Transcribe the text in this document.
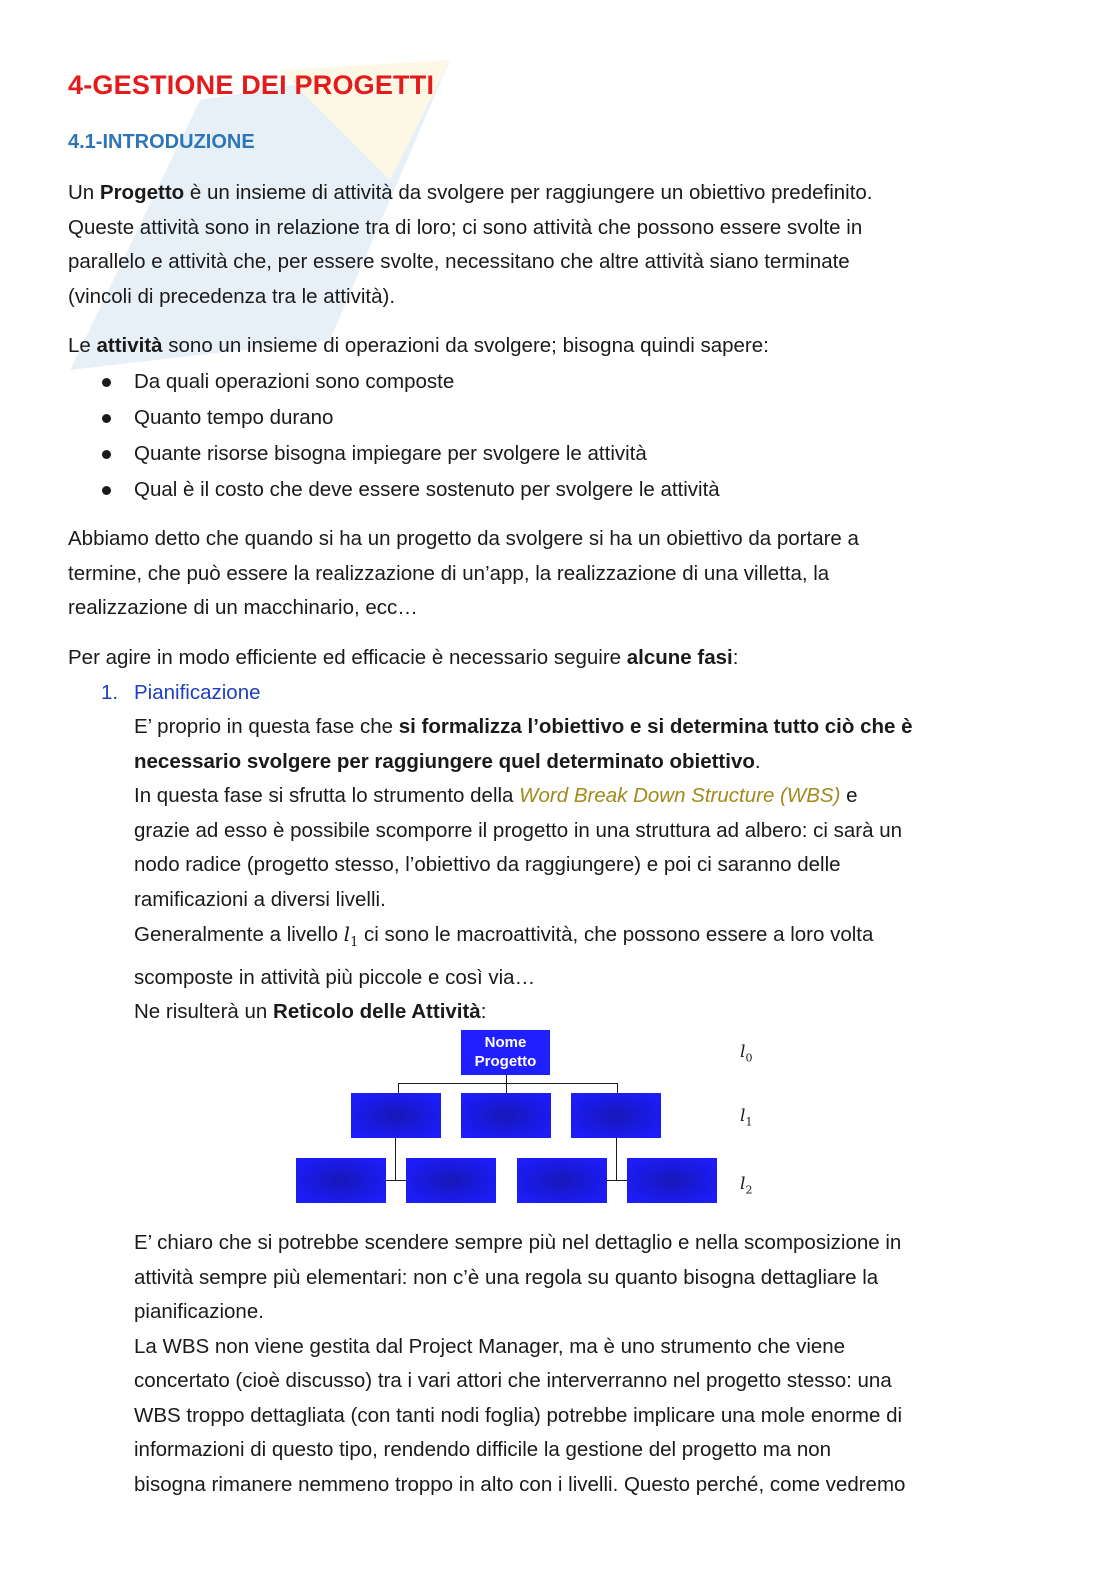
4-GESTIONE DEI PROGETTI
4.1-INTRODUZIONE

Un Progetto è un insieme di attività da svolgere per raggiungere un obiettivo predefinito.
Queste attività sono in relazione tra di loro; ci sono attività che possono essere svolte in
parallelo e attività che, per essere svolte, necessitano che altre attività siano terminate
(vincoli di precedenza tra le attività).

Le attività sono un insieme di operazioni da svolgere; bisogna quindi sapere:

Da quali operazioni sono composte
Quanto tempo durano
Quante risorse bisogna impiegare per svolgere le attività
Qual è il costo che deve essere sostenuto per svolgere le attività

Abbiamo detto che quando si ha un progetto da svolgere si ha un obiettivo da portare a
termine, che può essere la realizzazione di un’app, la realizzazione di una villetta, la
realizzazione di un macchinario, ecc…

Per agire in modo efficiente ed efficacie è necessario seguire alcune fasi:

1. Pianificazione

E’ proprio in questa fase che si formalizza l’obiettivo e si determina tutto ciò che è
necessario svolgere per raggiungere quel determinato obiettivo.
In questa fase si sfrutta lo strumento della Word Break Down Structure (WBS) e
grazie ad esso è possibile scomporre il progetto in una struttura ad albero: ci sarà un
nodo radice (progetto stesso, l’obiettivo da raggiungere) e poi ci saranno delle
ramificazioni a diversi livelli.
Generalmente a livello $l_1$ ci sono le macroattività, che possono essere a loro volta
scomposte in attività più piccole e così via…
Ne risulterà un Reticolo delle Attività:

Nome
Progetto	$l_0$
$l_1$
$l_2$

E’ chiaro che si potrebbe scendere sempre più nel dettaglio e nella scomposizione in
attività sempre più elementari: non c’è una regola su quanto bisogna dettagliare la
pianificazione.
La WBS non viene gestita dal Project Manager, ma è uno strumento che viene
concertato (cioè discusso) tra i vari attori che interverranno nel progetto stesso: una
WBS troppo dettagliata (con tanti nodi foglia) potrebbe implicare una mole enorme di
informazioni di questo tipo, rendendo difficile la gestione del progetto ma non
bisogna rimanere nemmeno troppo in alto con i livelli. Questo perché, come vedremo
